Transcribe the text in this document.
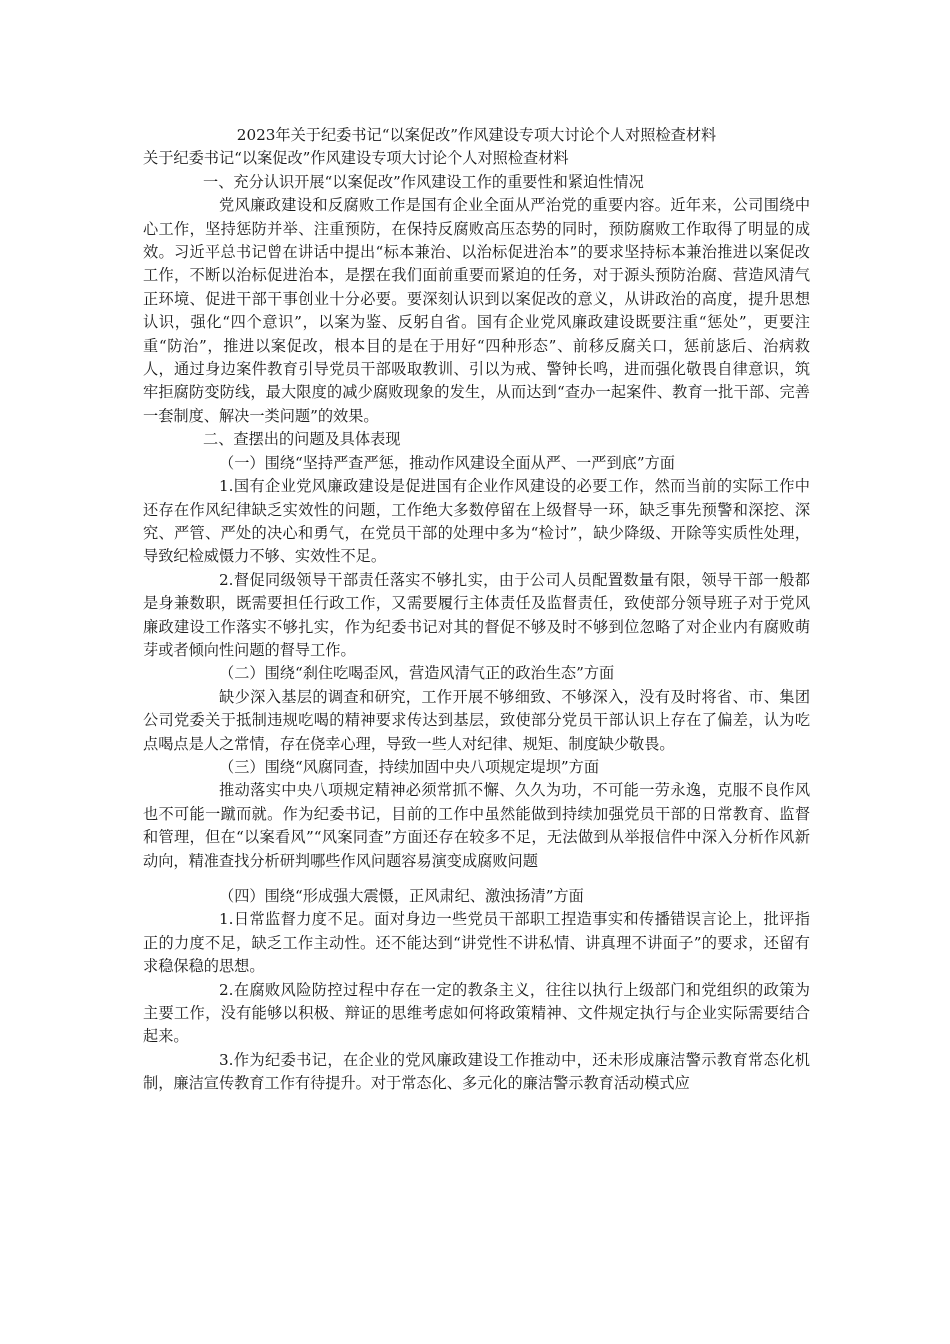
2023年关于纪委书记“以案促改”作风建设专项大讨论个人对照检查材料

关于纪委书记“以案促改”作风建设专项大讨论个人对照检查材料

一、充分认识开展“以案促改”作风建设工作的重要性和紧迫性情况

党风廉政建设和反腐败工作是国有企业全面从严治党的重要内容。近年来，公司围绕中心工作，坚持惩防并举、注重预防，在保持反腐败高压态势的同时，预防腐败工作取得了明显的成效。习近平总书记曾在讲话中提出“标本兼治、以治标促进治本”的要求坚持标本兼治推进以案促改工作，不断以治标促进治本，是摆在我们面前重要而紧迫的任务，对于源头预防治腐、营造风清气正环境、促进干部干事创业十分必要。要深刻认识到以案促改的意义，从讲政治的高度，提升思想认识，强化“四个意识”，以案为鉴、反躬自省。国有企业党风廉政建设既要注重“惩处”，更要注重“防治”，推进以案促改，根本目的是在于用好“四种形态”、前移反腐关口，惩前毖后、治病救人，通过身边案件教育引导党员干部吸取教训、引以为戒、警钟长鸣，进而强化敬畏自律意识，筑牢拒腐防变防线，最大限度的减少腐败现象的发生，从而达到“查办一起案件、教育一批干部、完善一套制度、解决一类问题”的效果。

二、查摆出的问题及具体表现

（一）围绕“坚持严查严惩，推动作风建设全面从严、一严到底”方面

1.国有企业党风廉政建设是促进国有企业作风建设的必要工作，然而当前的实际工作中还存在作风纪律缺乏实效性的问题，工作绝大多数停留在上级督导一环，缺乏事先预警和深挖、深究、严管、严处的决心和勇气，在党员干部的处理中多为“检讨”，缺少降级、开除等实质性处理，导致纪检威慑力不够、实效性不足。

2.督促同级领导干部责任落实不够扎实，由于公司人员配置数量有限，领导干部一般都是身兼数职，既需要担任行政工作，又需要履行主体责任及监督责任，致使部分领导班子对于党风廉政建设工作落实不够扎实，作为纪委书记对其的督促不够及时不够到位忽略了对企业内有腐败萌芽或者倾向性问题的督导工作。

（二）围绕“刹住吃喝歪风，营造风清气正的政治生态”方面

缺少深入基层的调查和研究，工作开展不够细致、不够深入，没有及时将省、市、集团公司党委关于抵制违规吃喝的精神要求传达到基层，致使部分党员干部认识上存在了偏差，认为吃点喝点是人之常情，存在侥幸心理，导致一些人对纪律、规矩、制度缺少敬畏。

（三）围绕“风腐同查，持续加固中央八项规定堤坝”方面

推动落实中央八项规定精神必须常抓不懈、久久为功，不可能一劳永逸，克服不良作风也不可能一蹴而就。作为纪委书记，目前的工作中虽然能做到持续加强党员干部的日常教育、监督和管理，但在“以案看风”“风案同查”方面还存在较多不足，无法做到从举报信件中深入分析作风新动向，精准查找分析研判哪些作风问题容易演变成腐败问题

（四）围绕“形成强大震慑，正风肃纪、激浊扬清”方面

1.日常监督力度不足。面对身边一些党员干部职工捏造事实和传播错误言论上，批评指正的力度不足，缺乏工作主动性。还不能达到“讲党性不讲私情、讲真理不讲面子”的要求，还留有求稳保稳的思想。

2.在腐败风险防控过程中存在一定的教条主义，往往以执行上级部门和党组织的政策为主要工作，没有能够以积极、辩证的思维考虑如何将政策精神、文件规定执行与企业实际需要结合起来。

3.作为纪委书记，在企业的党风廉政建设工作推动中，还未形成廉洁警示教育常态化机制，廉洁宣传教育工作有待提升。对于常态化、多元化的廉洁警示教育活动模式应
